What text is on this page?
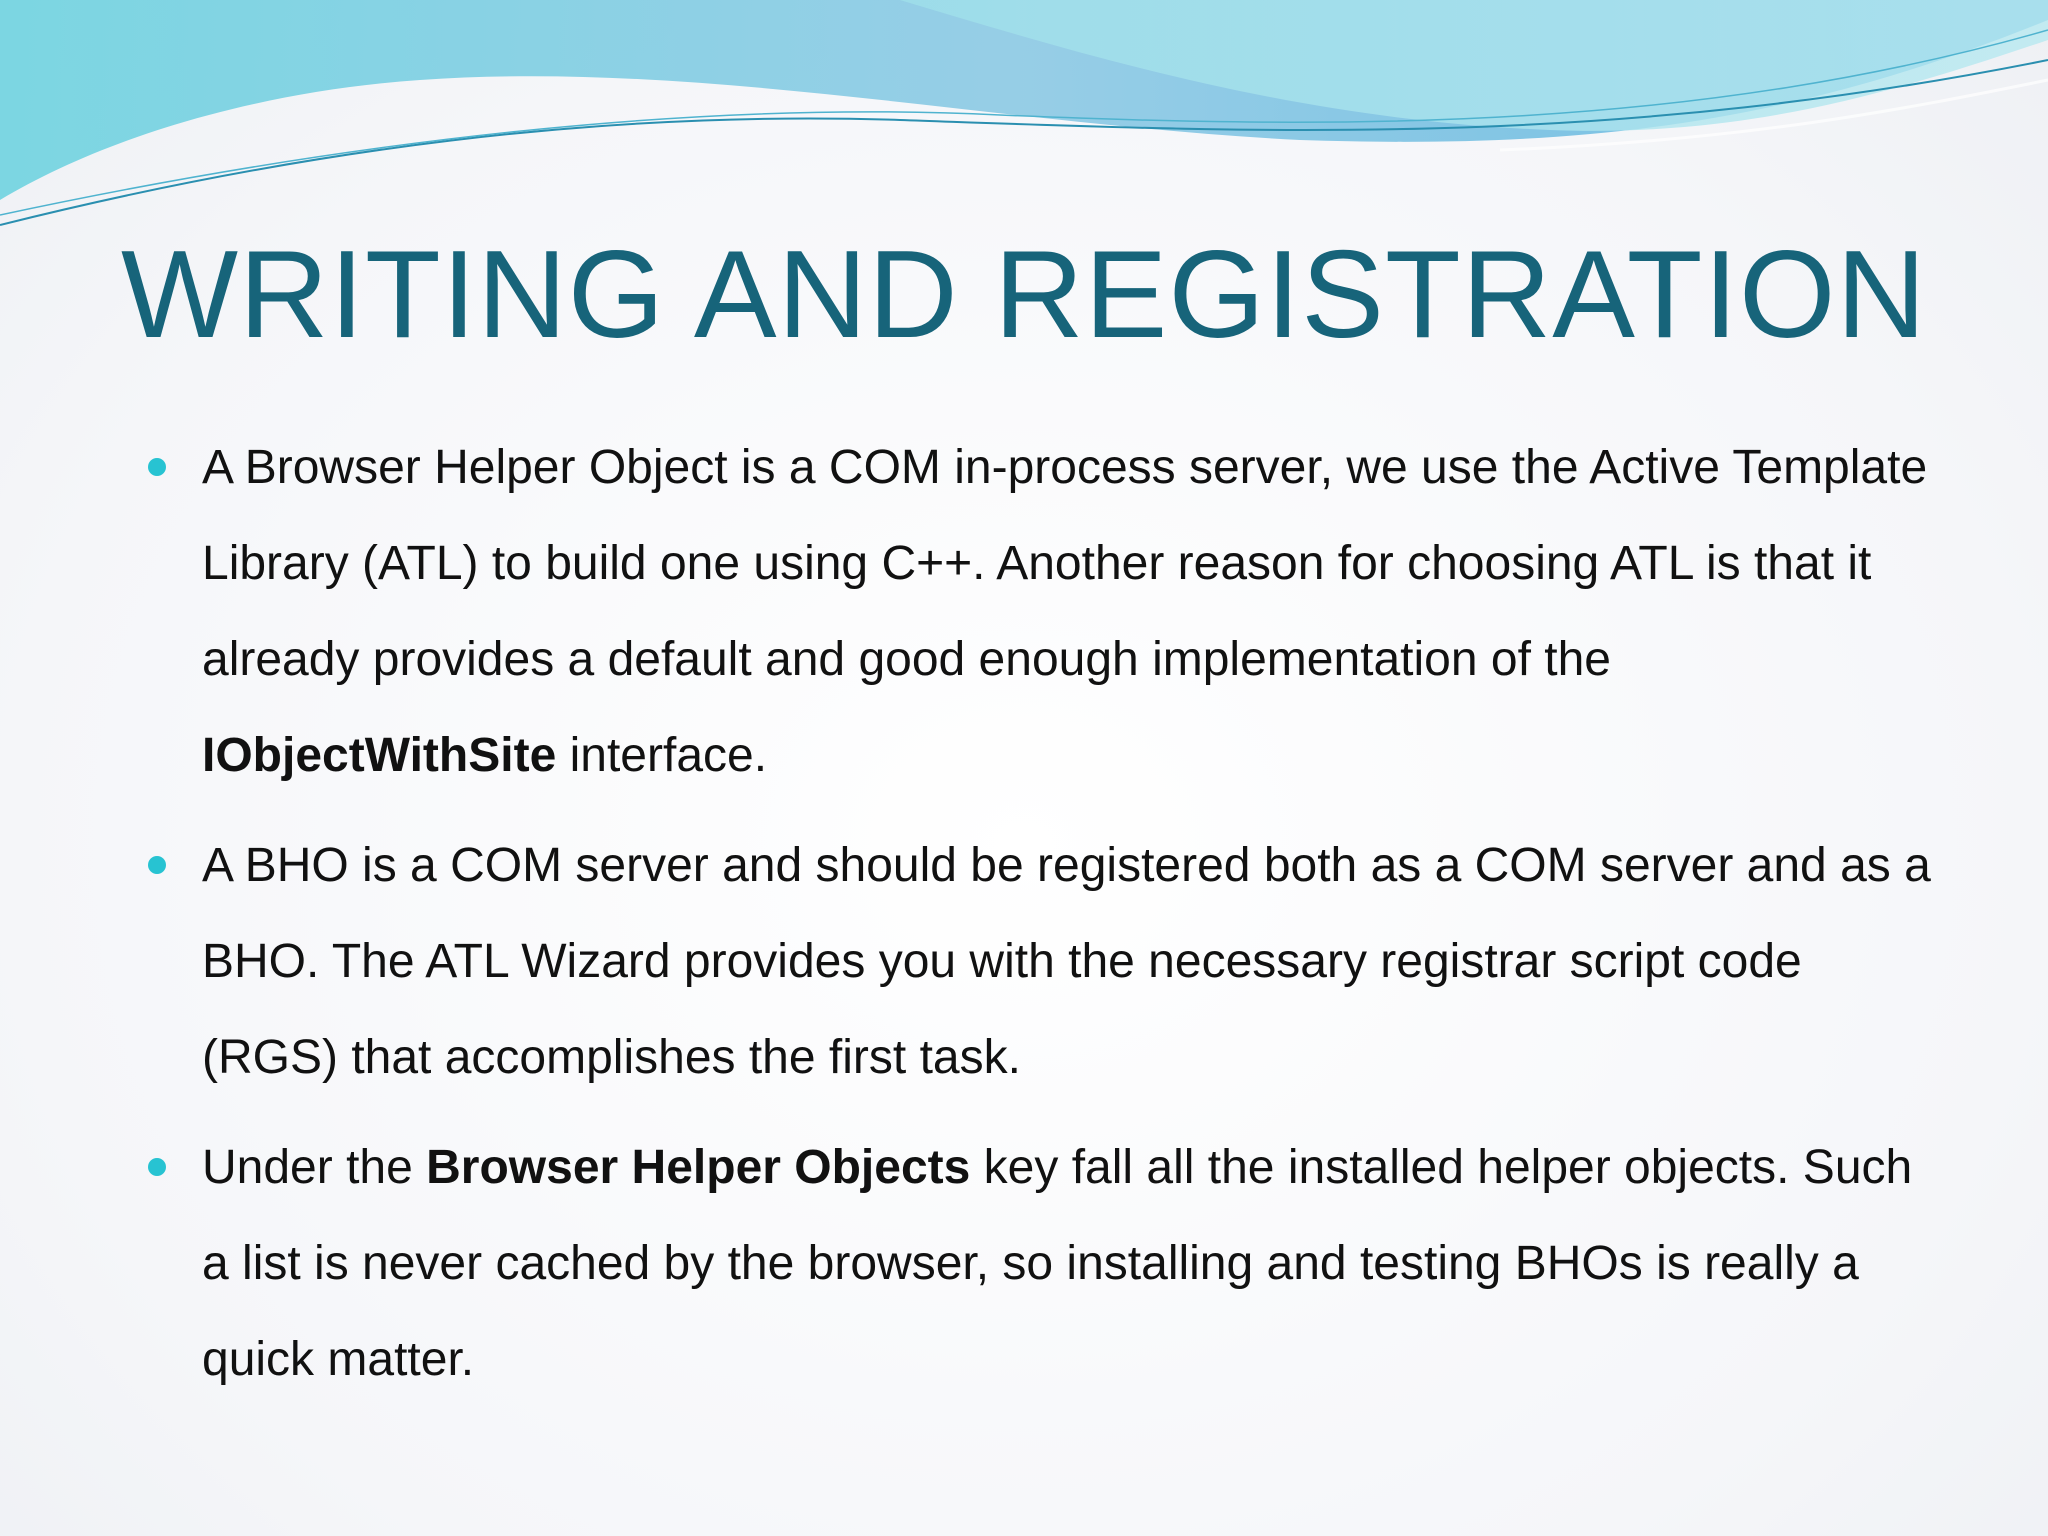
WRITING AND REGISTRATION
A Browser Helper Object is a COM in-process server, we use the Active Template Library (ATL) to build one using C++. Another reason for choosing ATL is that it already provides a default and good enough implementation of the IObjectWithSite interface.
A BHO is a COM server and should be registered both as a COM server and as a BHO. The ATL Wizard provides you with the necessary registrar script code (RGS) that accomplishes the first task.
Under the Browser Helper Objects key fall all the installed helper objects. Such a list is never cached by the browser, so installing and testing BHOs is really a quick matter.
